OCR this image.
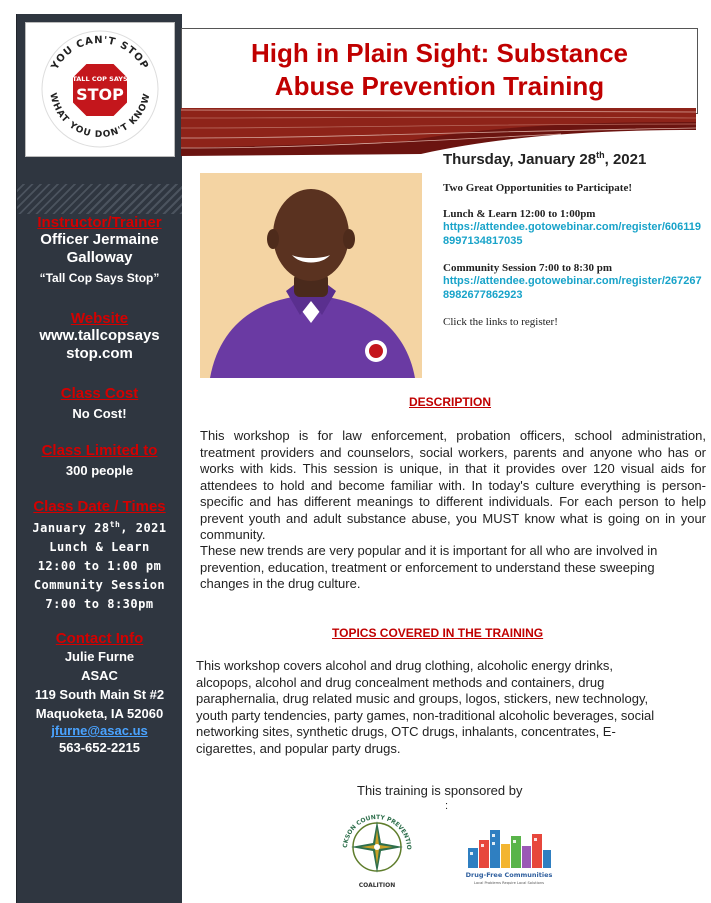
YOU CAN'T STOP
WHAT YOU DON'T KNOW
TALL COP SAYS
STOP
Instructor/Trainer
Officer Jermaine
Galloway
“Tall Cop Says Stop”
Website
www.tallcopsays
stop.com
Class Cost
No Cost!
Class Limited to
300 people
Class Date / Times
January 28th, 2021
Lunch & Learn
12:00 to 1:00 pm
Community Session
7:00 to 8:30pm
Contact Info
Julie Furne
ASAC
119 South Main St #2
Maquoketa, IA 52060
jfurne@asac.us
563-652-2215
High in Plain Sight: Substance
Abuse Prevention Training

Thursday, January 28th, 2021

Two Great Opportunities to Participate!
Lunch & Learn 12:00 to 1:00pm
https://attendee.gotowebinar.com/register/6061198997134817035
Community Session 7:00 to 8:30 pm
https://attendee.gotowebinar.com/register/2672678982677862923
Click the links to register!
DESCRIPTION
This workshop is for law enforcement, probation officers, school administration, treatment providers and counselors, social workers, parents and anyone who has or works with kids. This session is unique, in that it provides over 120 visual aids for attendees to hold and become familiar with. In today's culture everything is person-specific and has different meanings to different individuals. For each person to help prevent youth and adult substance abuse, you MUST know what is going on in your community.
These new trends are very popular and it is important for all who are involved in prevention, education, treatment or enforcement to understand these sweeping changes in the drug culture.
TOPICS COVERED IN THE TRAINING
This workshop covers alcohol and drug clothing, alcoholic energy drinks, alcopops, alcohol and drug concealment methods and containers, drug paraphernalia, drug related music and groups, logos, stickers, new technology, youth party tendencies, party games, non-traditional alcoholic beverages, social networking sites, synthetic drugs, OTC drugs, inhalants, concentrates, E-cigarettes, and popular party drugs.
This training is sponsored by
:
CKSON COUNTY PREVENTIO
COALITION
Drug-Free Communities
Local Problems Require Local Solutions
